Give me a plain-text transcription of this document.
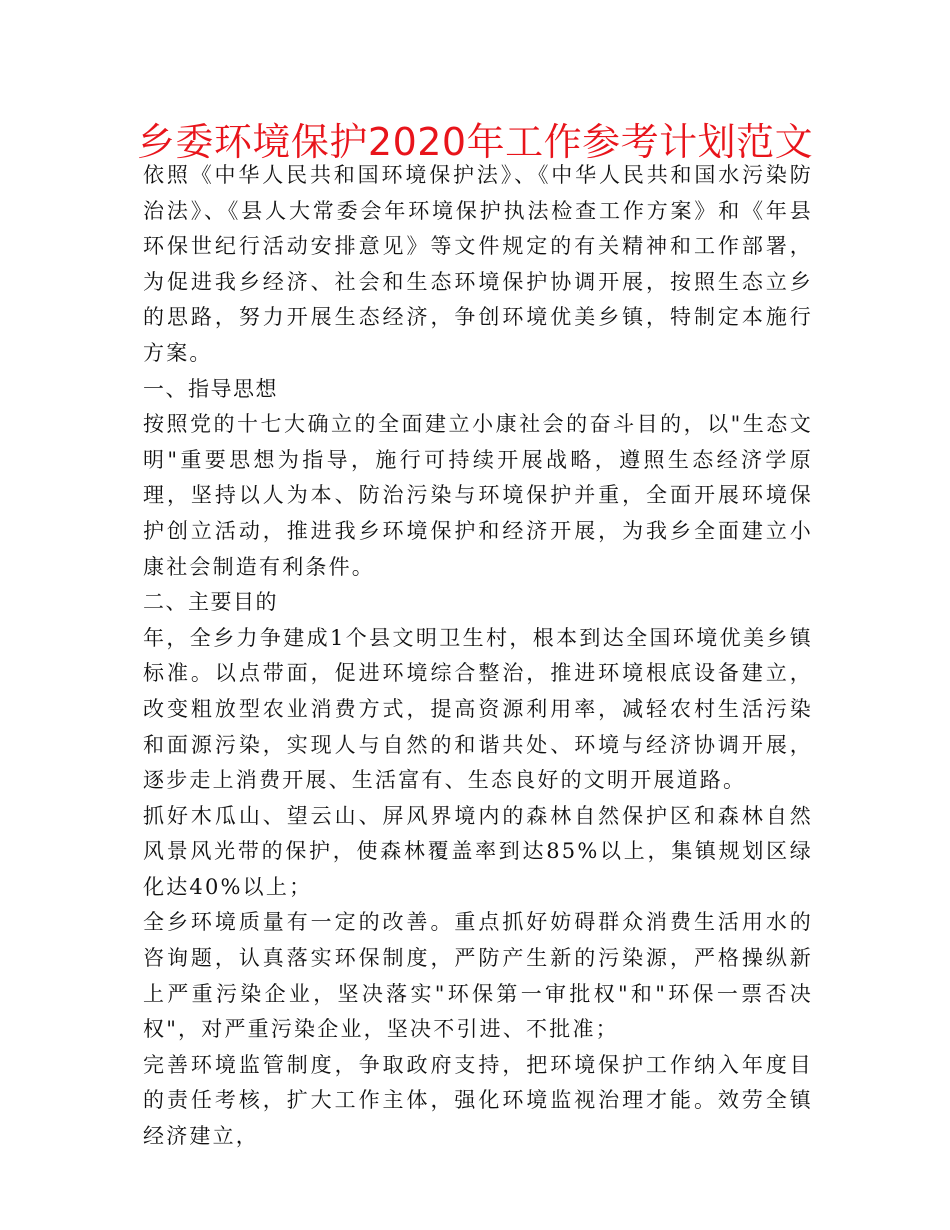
乡委环境保护2020年工作参考计划范文

依照《中华人民共和国环境保护法》、《中华人民共和国水污染防治法》、《县人大常委会年环境保护执法检查工作方案》和《年县环保世纪行活动安排意见》等文件规定的有关精神和工作部署，为促进我乡经济、社会和生态环境保护协调开展，按照生态立乡的思路，努力开展生态经济，争创环境优美乡镇，特制定本施行方案。

一、指导思想

按照党的十七大确立的全面建立小康社会的奋斗目的，以"生态文明"重要思想为指导，施行可持续开展战略，遵照生态经济学原理，坚持以人为本、防治污染与环境保护并重，全面开展环境保护创立活动，推进我乡环境保护和经济开展，为我乡全面建立小康社会制造有利条件。

二、主要目的

年，全乡力争建成1个县文明卫生村，根本到达全国环境优美乡镇标准。以点带面，促进环境综合整治，推进环境根底设备建立，改变粗放型农业消费方式，提高资源利用率，减轻农村生活污染和面源污染，实现人与自然的和谐共处、环境与经济协调开展，逐步走上消费开展、生活富有、生态良好的文明开展道路。

抓好木瓜山、望云山、屏风界境内的森林自然保护区和森林自然风景风光带的保护，使森林覆盖率到达85%以上，集镇规划区绿化达40%以上；

全乡环境质量有一定的改善。重点抓好妨碍群众消费生活用水的咨询题，认真落实环保制度，严防产生新的污染源，严格操纵新上严重污染企业，坚决落实"环保第一审批权"和"环保一票否决权"，对严重污染企业，坚决不引进、不批准；

完善环境监管制度，争取政府支持，把环境保护工作纳入年度目的责任考核，扩大工作主体，强化环境监视治理才能。效劳全镇经济建立，
